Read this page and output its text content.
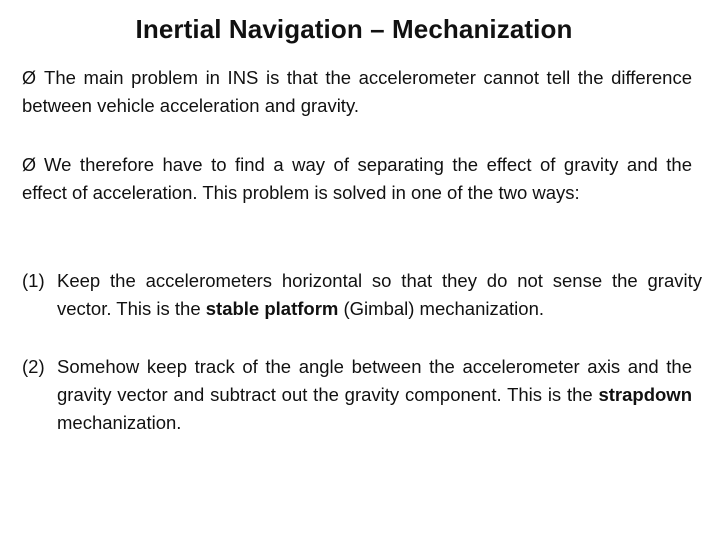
Inertial Navigation – Mechanization
Ø The main problem in INS is that the accelerometer cannot tell the difference between vehicle acceleration and gravity.
Ø We therefore have to find a way of separating the effect of gravity and the effect of acceleration. This problem is solved in one of the two ways:
(1) Keep the accelerometers horizontal so that they do not sense the gravity vector. This is the stable platform (Gimbal) mechanization.
(2) Somehow keep track of the angle between the accelerometer axis and the gravity vector and subtract out the gravity component. This is the strapdown mechanization.
